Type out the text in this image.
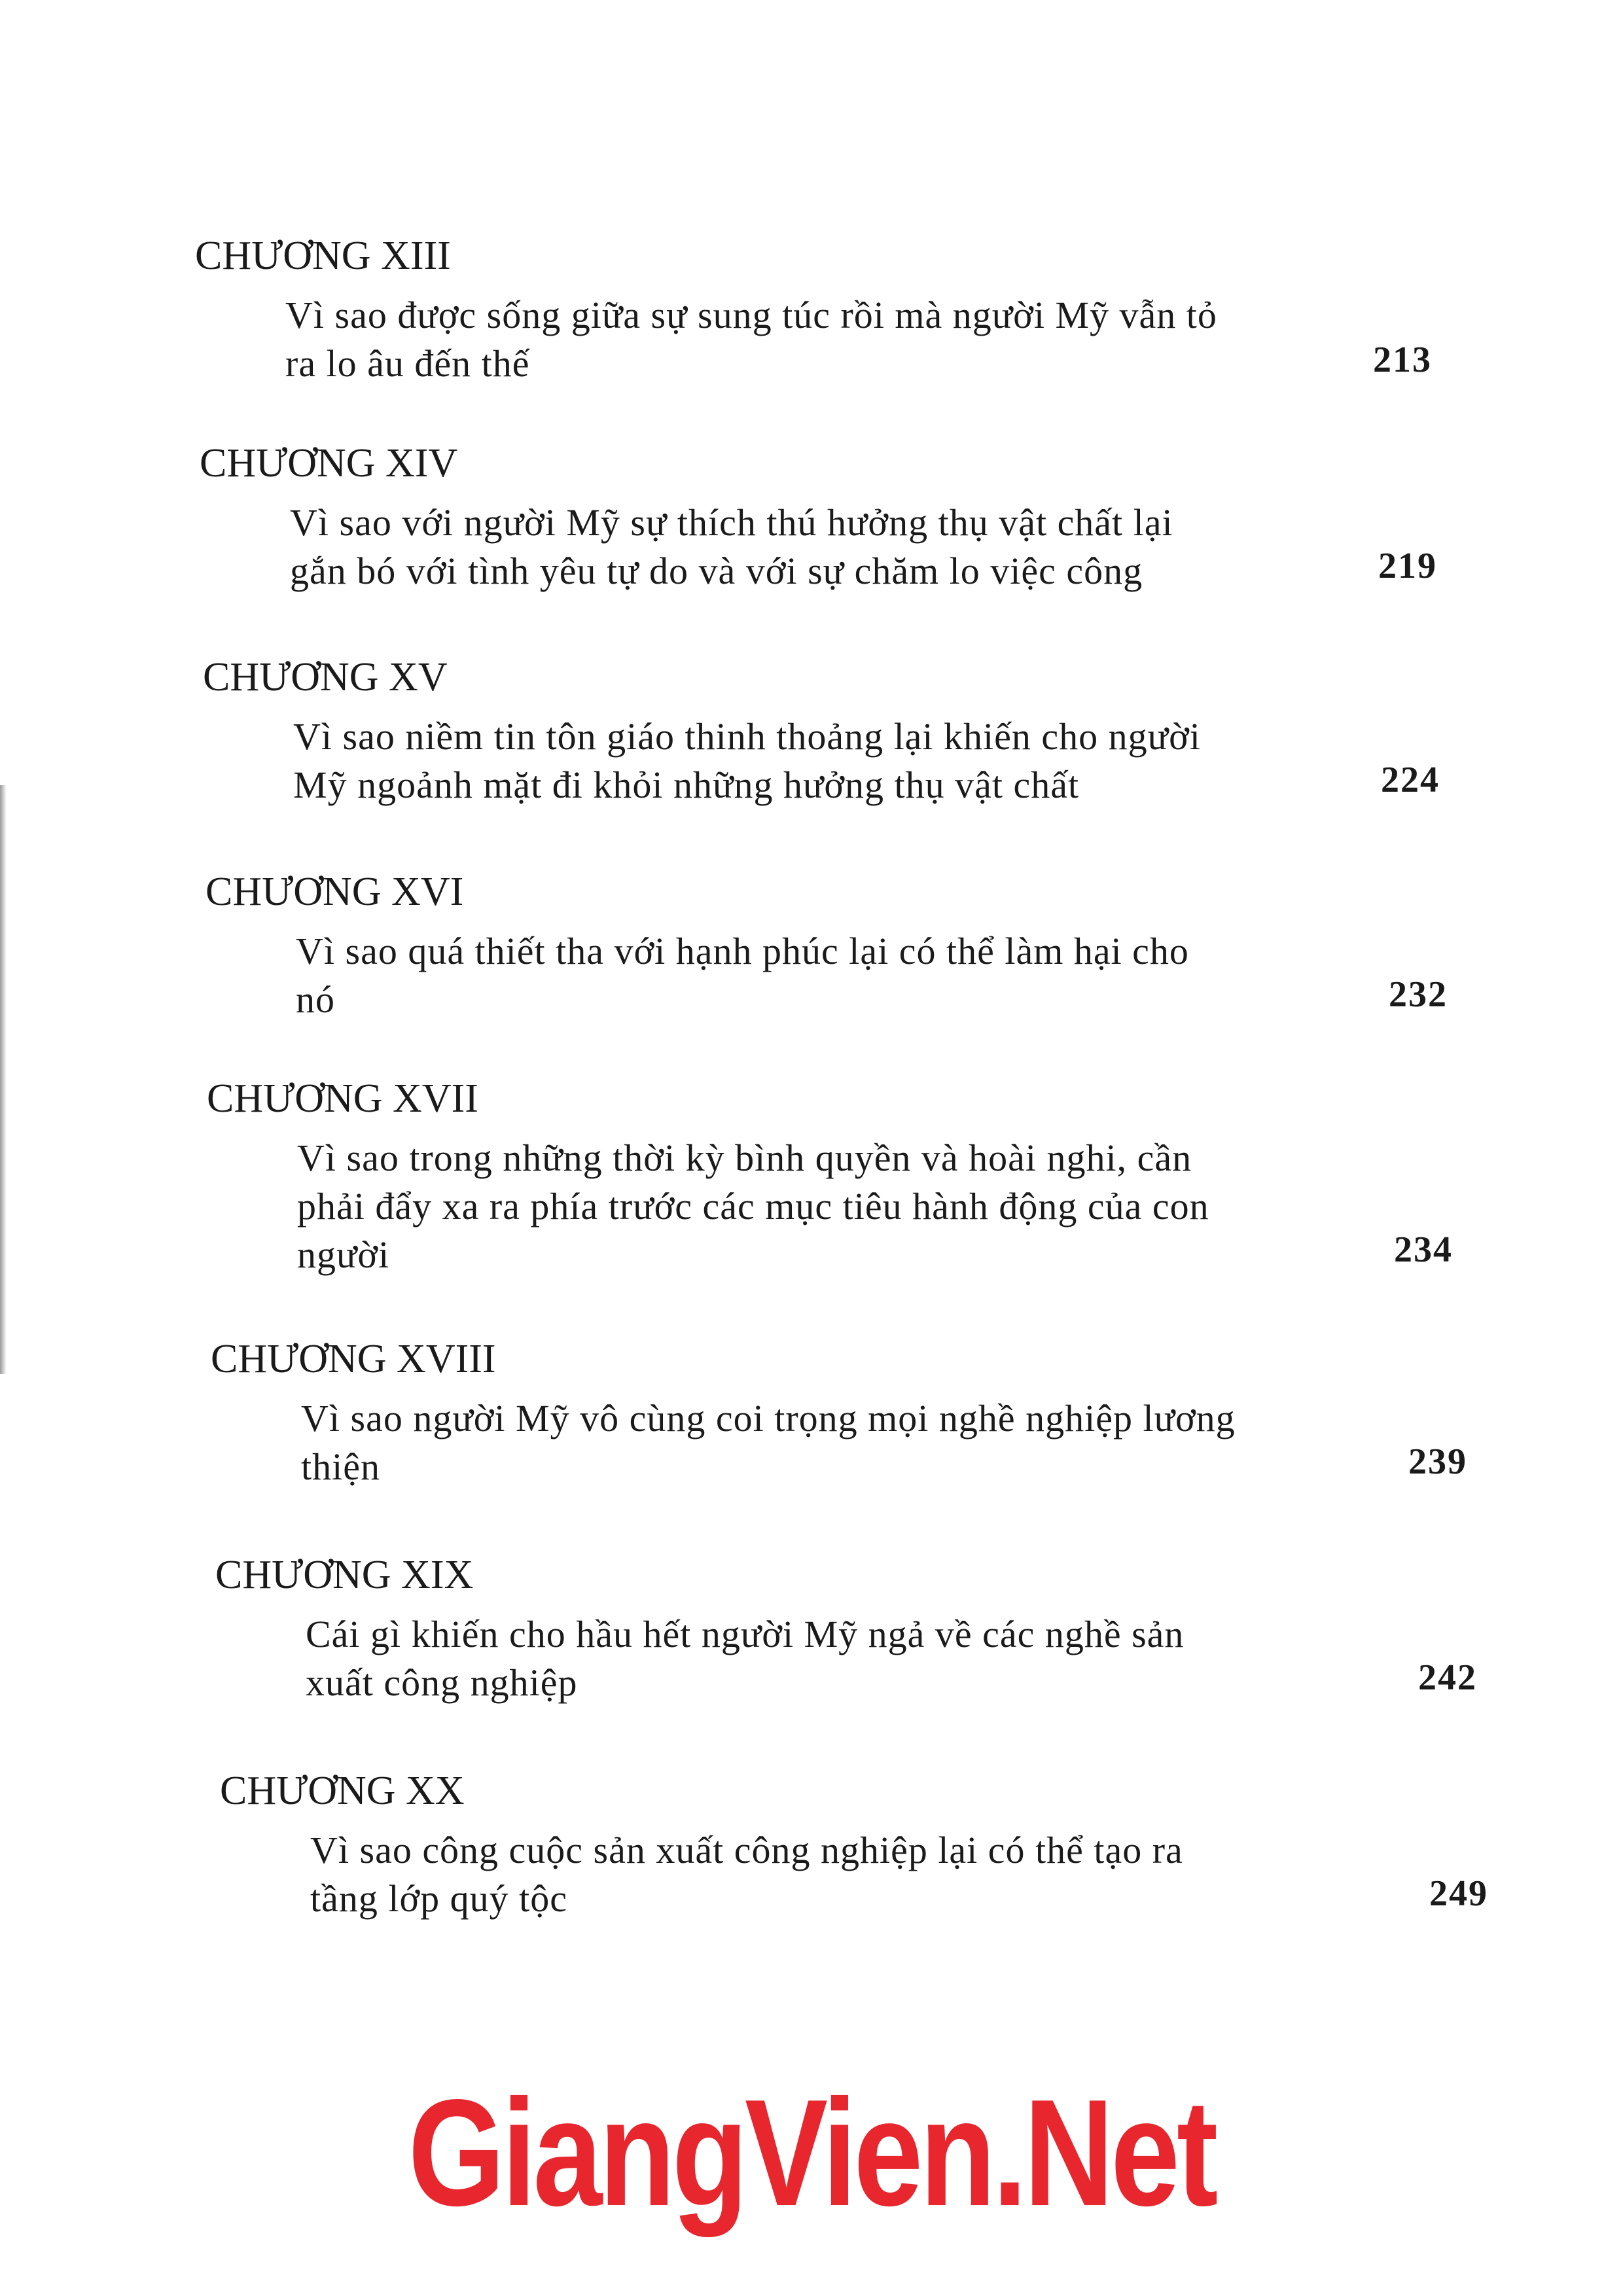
CHƯƠNG XIII
Vì sao được sống giữa sự sung túc rồi mà người Mỹ vẫn tỏ
ra lo âu đến thế	213
CHƯƠNG XIV
Vì sao với người Mỹ sự thích thú hưởng thụ vật chất lại
gắn bó với tình yêu tự do và với sự chăm lo việc công	219
CHƯƠNG XV
Vì sao niềm tin tôn giáo thinh thoảng lại khiến cho người
Mỹ ngoảnh mặt đi khỏi những hưởng thụ vật chất	224
CHƯƠNG XVI
Vì sao quá thiết tha với hạnh phúc lại có thể làm hại cho
nó	232
CHƯƠNG XVII
Vì sao trong những thời kỳ bình quyền và hoài nghi, cần
phải đẩy xa ra phía trước các mục tiêu hành động của con
người	234
CHƯƠNG XVIII
Vì sao người Mỹ vô cùng coi trọng mọi nghề nghiệp lương
thiện	239
CHƯƠNG XIX
Cái gì khiến cho hầu hết người Mỹ ngả về các nghề sản
xuất công nghiệp	242
CHƯƠNG XX
Vì sao công cuộc sản xuất công nghiệp lại có thể tạo ra
tầng lớp quý tộc	249
GiangVien.Net
